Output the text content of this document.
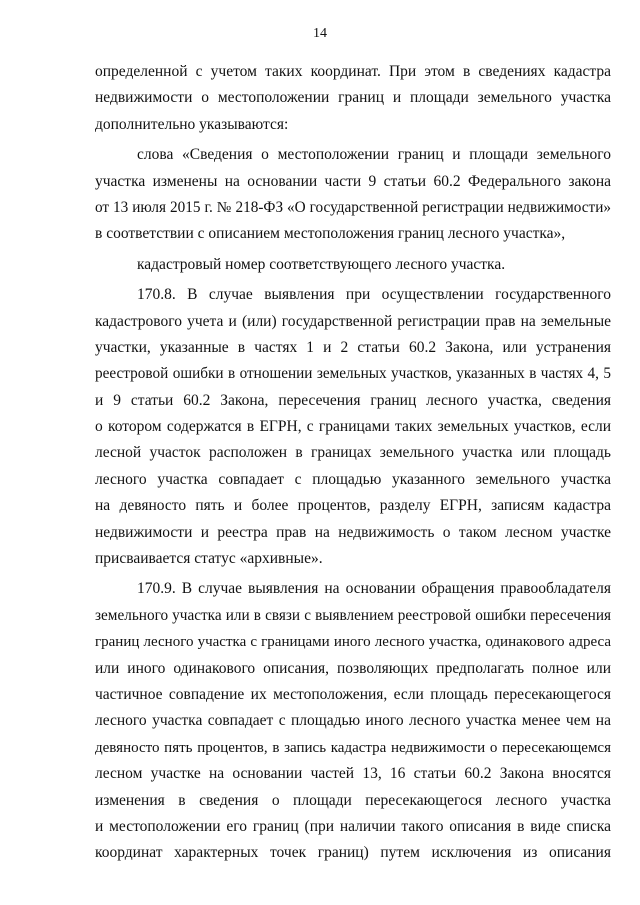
14
определенной с учетом таких координат. При этом в сведениях кадастра
недвижимости о местоположении границ и площади земельного участка
дополнительно указываются:
слова «Сведения о местоположении границ и площади земельного
участка изменены на основании части 9 статьи 60.2 Федерального закона
от 13 июля 2015 г. № 218-ФЗ «О государственной регистрации недвижимости»
в соответствии с описанием местоположения границ лесного участка»,
кадастровый номер соответствующего лесного участка.
170.8. В случае выявления при осуществлении государственного
кадастрового учета и (или) государственной регистрации прав на земельные
участки, указанные в частях 1 и 2 статьи 60.2 Закона, или устранения
реестровой ошибки в отношении земельных участков, указанных в частях 4, 5
и 9 статьи 60.2 Закона, пересечения границ лесного участка, сведения
о котором содержатся в ЕГРН, с границами таких земельных участков, если
лесной участок расположен в границах земельного участка или площадь
лесного участка совпадает с площадью указанного земельного участка
на девяносто пять и более процентов, разделу ЕГРН, записям кадастра
недвижимости и реестра прав на недвижимость о таком лесном участке
присваивается статус «архивные».
170.9. В случае выявления на основании обращения правообладателя
земельного участка или в связи с выявлением реестровой ошибки пересечения
границ лесного участка с границами иного лесного участка, одинакового адреса
или иного одинакового описания, позволяющих предполагать полное или
частичное совпадение их местоположения, если площадь пересекающегося
лесного участка совпадает с площадью иного лесного участка менее чем на
девяносто пять процентов, в запись кадастра недвижимости о пересекающемся
лесном участке на основании частей 13, 16 статьи 60.2 Закона вносятся
изменения в сведения о площади пересекающегося лесного участка
и местоположении его границ (при наличии такого описания в виде списка
координат характерных точек границ) путем исключения из описания
